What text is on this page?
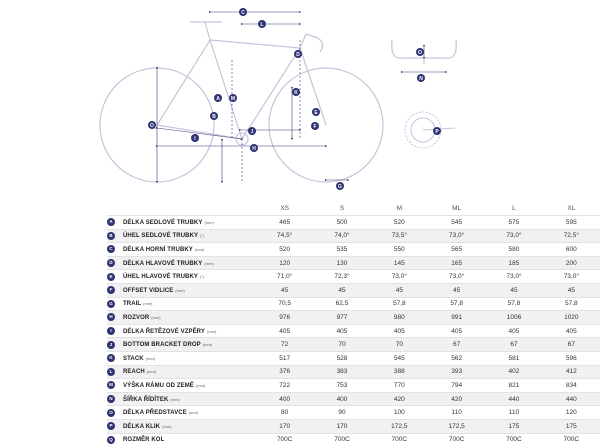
C
L
D
K
A M
B
E
F
O
I
J
H
G
O
N
P
		XS	S	M	ML	L	XL
A	DÉLKA SEDLOVÉ TRUBKY (mm)	465	500	520	545	575	595
B	ÚHEL SEDLOVÉ TRUBKY (°)	74,5°	74,0°	73,5°	73,0°	73,0°	72,5°
C	DÉLKA HORNÍ TRUBKY (mm)	520	535	550	565	580	600
D	DÉLKA HLAVOVÉ TRUBKY (mm)	120	130	145	165	185	200
E	ÚHEL HLAVOVÉ TRUBKY (°)	71,0°	72,3°	73,0°	73,0°	73,0°	73,0°
F	OFFSET VIDLICE (mm)	45	45	45	45	45	45
G	TRAIL (mm)	70,5	62,5	57,8	57,8	57,8	57,8
H	ROZVOR (mm)	976	977	980	991	1006	1020
I	DÉLKA ŘETĚZOVÉ VZPĚRY (mm)	405	405	405	405	405	405
J	BOTTOM BRACKET DROP (mm)	72	70	70	67	67	67
K	STACK (mm)	517	528	545	562	581	596
L	REACH (mm)	376	383	388	393	402	412
M	VÝŠKA RÁMU OD ZEMĚ (mm)	722	753	770	794	821	834
N	ŠÍŘKA ŘÍDÍTEK (mm)	400	400	420	420	440	440
O	DÉLKA PŘEDSTAVCE (mm)	80	90	100	110	110	120
P	DÉLKA KLIK (mm)	170	170	172,5	172,5	175	175
Q	ROZMĚR KOL	700C	700C	700C	700C	700C	700C
